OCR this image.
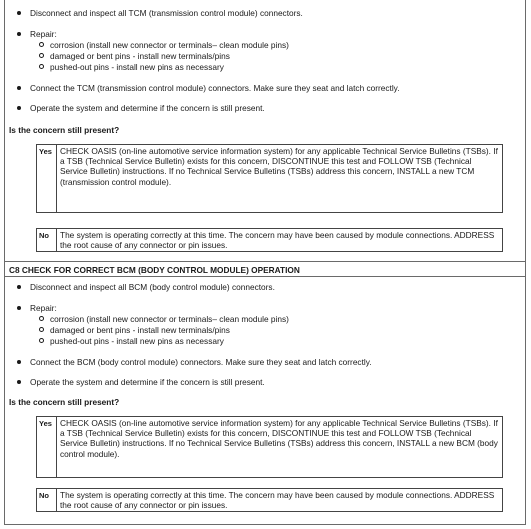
Disconnect and inspect all TCM (transmission control module) connectors.
Repair:
corrosion (install new connector or terminals– clean module pins)
damaged or bent pins - install new terminals/pins
pushed-out pins - install new pins as necessary
Connect the TCM (transmission control module) connectors. Make sure they seat and latch correctly.
Operate the system and determine if the concern is still present.
Is the concern still present?
Yes CHECK OASIS (on-line automotive service information system) for any applicable Technical Service Bulletins (TSBs). If a TSB (Technical Service Bulletin) exists for this concern, DISCONTINUE this test and FOLLOW TSB (Technical Service Bulletin) instructions. If no Technical Service Bulletins (TSBs) address this concern, INSTALL a new TCM (transmission control module).
No	The system is operating correctly at this time. The concern may have been caused by module connections. ADDRESS the root cause of any connector or pin issues.
C8 CHECK FOR CORRECT BCM (BODY CONTROL MODULE) OPERATION
Disconnect and inspect all BCM (body control module) connectors.
Repair:
corrosion (install new connector or terminals– clean module pins)
damaged or bent pins - install new terminals/pins
pushed-out pins - install new pins as necessary
Connect the BCM (body control module) connectors. Make sure they seat and latch correctly.
Operate the system and determine if the concern is still present.
Is the concern still present?
Yes CHECK OASIS (on-line automotive service information system) for any applicable Technical Service Bulletins (TSBs). If a TSB (Technical Service Bulletin) exists for this concern, DISCONTINUE this test and FOLLOW TSB (Technical Service Bulletin) instructions. If no Technical Service Bulletins (TSBs) address this concern, INSTALL a new BCM (body control module).
No	The system is operating correctly at this time. The concern may have been caused by module connections. ADDRESS the root cause of any connector or pin issues.
